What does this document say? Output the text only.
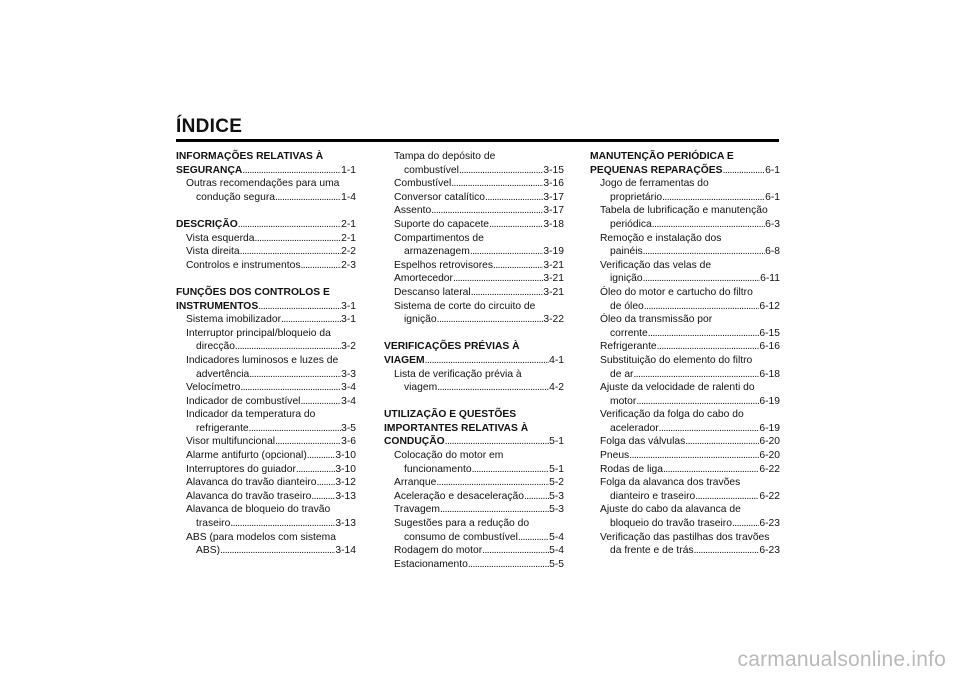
ÍNDICE
INFORMAÇÕES RELATIVAS À
SEGURANÇA . . .	1-1
Outras recomendações para uma
condução segura . . .	1-4
DESCRIÇÃO . . .	2-1
Vista esquerda . . .	2-1
Vista direita . . .	2-2
Controlos e instrumentos . . .	2-3
FUNÇÕES DOS CONTROLOS E
INSTRUMENTOS . . .	3-1
Sistema imobilizador . . .	3-1
Interruptor principal/bloqueio da
direcção . . .	3-2
Indicadores luminosos e luzes de
advertência . . .	3-3
Velocímetro . . .	3-4
Indicador de combustível . . .	3-4
Indicador da temperatura do
refrigerante . . .	3-5
Visor multifuncional . . .	3-6
Alarme antifurto (opcional) . . .	3-10
Interruptores do guiador . . .	3-10
Alavanca do travão dianteiro . . . 3-12
Alavanca do travão traseiro . . . 3-13
Alavanca de bloqueio do travão
traseiro . . .	3-13
ABS (para modelos com sistema
ABS) . . .	3-14
Tampa do depósito de
combustível . . .	3-15
Combustível . . .	3-16
Conversor catalítico . . .	3-17
Assento . . .	3-17
Suporte do capacete . . .	3-18
Compartimentos de
armazenagem . . .	3-19
Espelhos retrovisores . . .	3-21
Amortecedor . . .	3-21
Descanso lateral . . .	3-21
Sistema de corte do circuito de
ignição . . .	3-22
VERIFICAÇÕES PRÉVIAS À
VIAGEM . . .	4-1
Lista de verificação prévia à
viagem . . .	4-2
UTILIZAÇÃO E QUESTÕES
IMPORTANTES RELATIVAS À
CONDUÇÃO . . .	5-1
Colocação do motor em
funcionamento . . .	5-1
Arranque . . .	5-2
Aceleração e desaceleração . . . 5-3
Travagem . . .	5-3
Sugestões para a redução do
consumo de combustível . . .	5-4
Rodagem do motor . . .	5-4
Estacionamento . . .	5-5
MANUTENÇÃO PERIÓDICA E
PEQUENAS REPARAÇÕES . . .	6-1
Jogo de ferramentas do
proprietário . . .	6-1
Tabela de lubrificação e manutenção
periódica . . .	6-3
Remoção e instalação dos
painéis . . .	6-8
Verificação das velas de
ignição . . .	6-11
Óleo do motor e cartucho do filtro
de óleo . . .	6-12
Óleo da transmissão por
corrente . . .	6-15
Refrigerante . . .	6-16
Substituição do elemento do filtro
de ar . . .	6-18
Ajuste da velocidade de ralenti do
motor . . .	6-19
Verificação da folga do cabo do
acelerador . . .	6-19
Folga das válvulas . . .	6-20
Pneus . . .	6-20
Rodas de liga . . .	6-22
Folga da alavanca dos travões
dianteiro e traseiro . . .	6-22
Ajuste do cabo da alavanca de
bloqueio do travão traseiro . . .	6-23
Verificação das pastilhas dos travões
da frente e de trás . . .	6-23
carmanualsonline.info
